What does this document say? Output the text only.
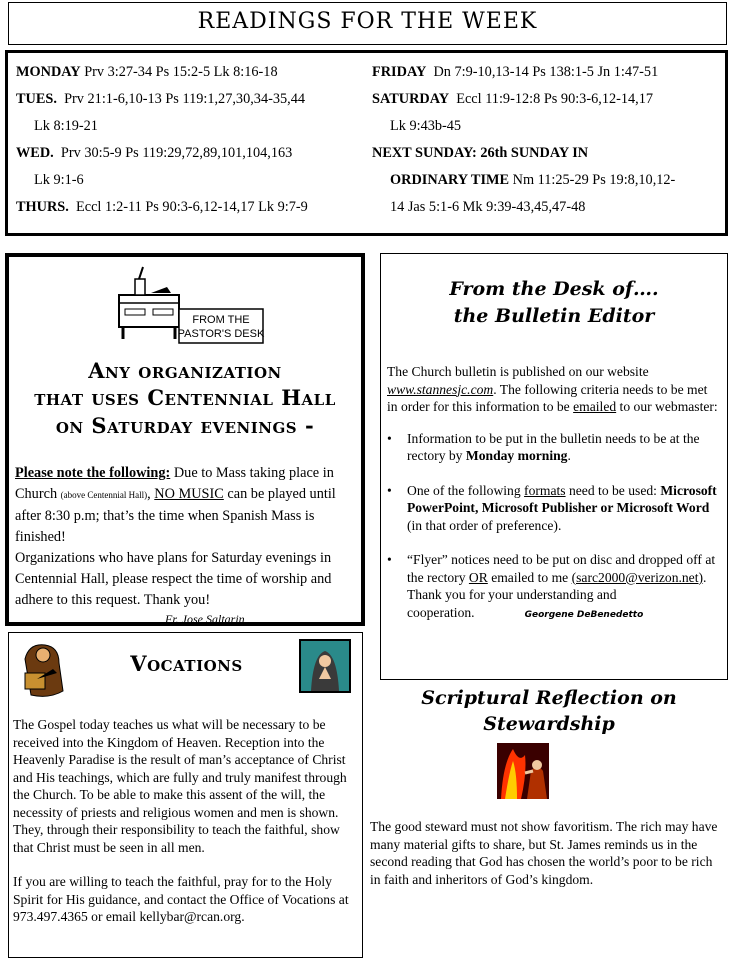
READINGS FOR THE WEEK
MONDAY Prv 3:27-34 Ps 15:2-5 Lk 8:16-18
TUES. Prv 21:1-6,10-13 Ps 119:1,27,30,34-35,44
Lk 8:19-21
WED. Prv 30:5-9 Ps 119:29,72,89,101,104,163
Lk 9:1-6
THURS. Eccl 1:2-11 Ps 90:3-6,12-14,17 Lk 9:7-9
FRIDAY Dn 7:9-10,13-14 Ps 138:1-5 Jn 1:47-51
SATURDAY Eccl 11:9-12:8 Ps 90:3-6,12-14,17
Lk 9:43b-45
NEXT SUNDAY: 26th SUNDAY IN
ORDINARY TIME Nm 11:25-29 Ps 19:8,10,12-
14 Jas 5:1-6 Mk 9:39-43,45,47-48
FROM THE
PASTOR'S DESK
Any organization
that uses Centennial Hall
on Saturday evenings -
Please note the following: Due to Mass taking place in Church (above Centennial Hall), NO MUSIC can be played until after 8:30 p.m; that’s the time when Spanish Mass is finished!
Organizations who have plans for Saturday evenings in Centennial Hall, please respect the time of worship and adhere to this request. Thank you!
Fr. Jose Saltarin
From the Desk of….
the Bulletin Editor

The Church bulletin is published on our website www.stannesjc.com. The following criteria needs to be met in order for this information to be emailed to our webmaster:

• Information to be put in the bulletin needs to be at the rectory by Monday morning.
• One of the following formats need to be used: Microsoft PowerPoint, Microsoft Publisher or Microsoft Word (in that order of preference).
• “Flyer” notices need to be put on disc and dropped off at the rectory OR emailed to me (sarc2000@verizon.net).
Thank you for your understanding and cooperation.	Georgene DeBenedetto
Vocations

The Gospel today teaches us what will be necessary to be received into the Kingdom of Heaven. Reception into the Heavenly Paradise is the result of man’s acceptance of Christ and His teachings, which are fully and truly manifest through the Church. To be able to make this assent of the will, the necessity of priests and religious women and men is shown. They, through their responsibility to teach the faithful, show that Christ must be seen in all men.

If you are willing to teach the faithful, pray for to the Holy Spirit for His guidance, and contact the Office of Vocations at 973.497.4365 or email kellybar@rcan.org.

Scriptural Reflection on Stewardship

The good steward must not show favoritism. The rich may have many material gifts to share, but St. James reminds us in the second reading that God has chosen the world’s poor to be rich in faith and inheritors of God’s kingdom.
